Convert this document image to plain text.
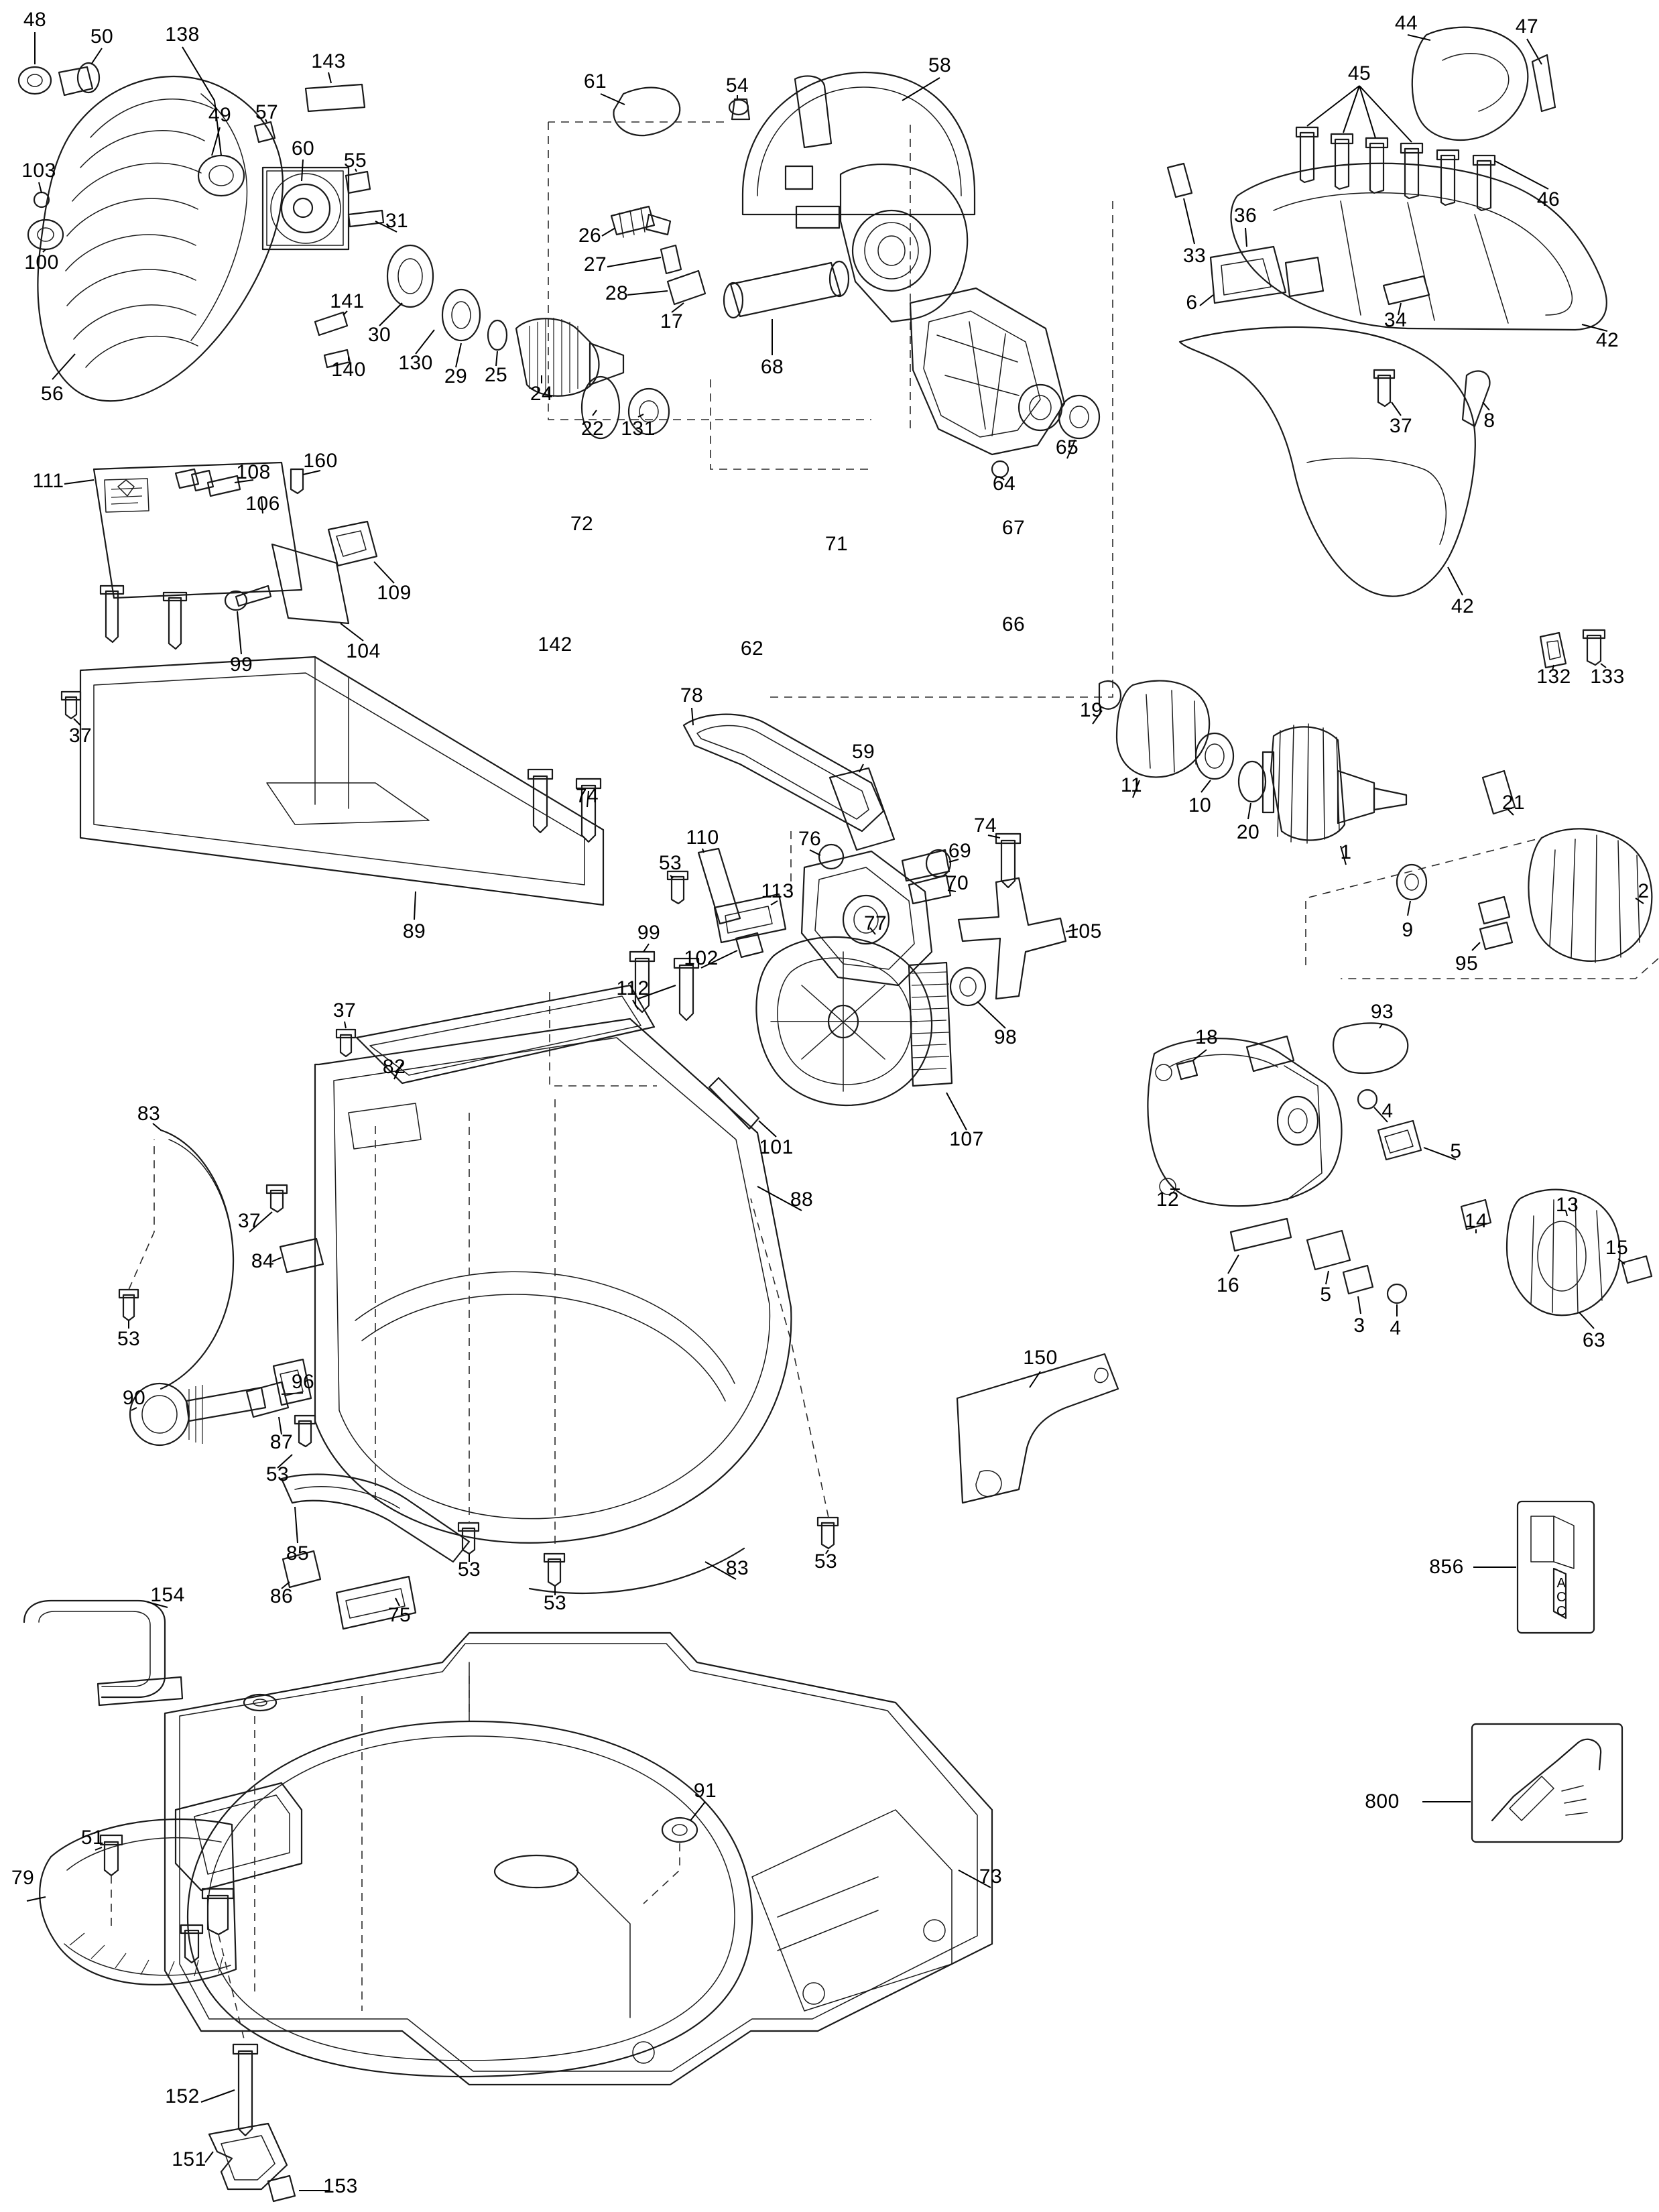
48
50	138
143
49 57
55
60
31
103
100
141
30
140 130
29 25
24
22 131
56
61	54
58
26
27
28
17
68
64
65
33
36
6
34
42
44	47
45
46
37	8
42
132 133
72
71
142	62
67
66
19
11
10
20
1
9
95
21
2
111	108
160
106
109
104
99
37
74
89
78
59
110	76
53
113
69
70
74
105
99
102
77
98
107
112
37
82
83
101
88
37
84
53
90
96
87
53
85
86
75
53
53
83	53
150
154
91
51
79	73
152
151
153
856
800
12
18
93
4
5
16	5
3 4
14
13
15
63
A
C
C
